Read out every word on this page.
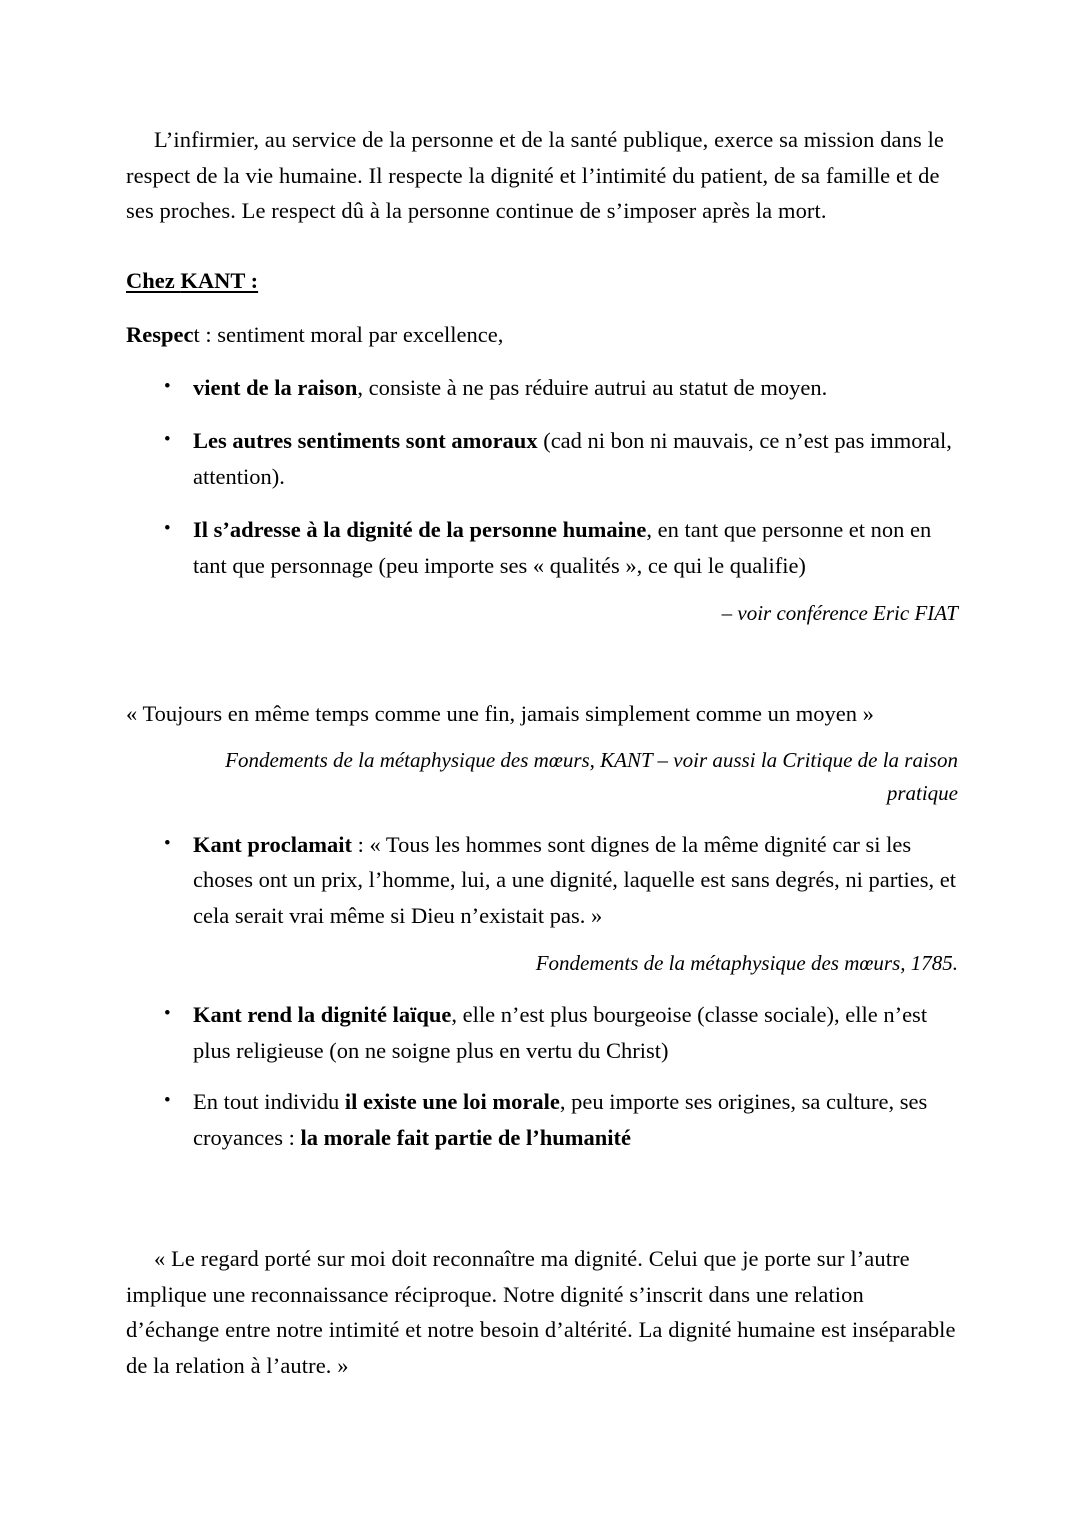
L’infirmier, au service de la personne et de la santé publique, exerce sa mission dans le respect de la vie humaine. Il respecte la dignité et l’intimité du patient, de sa famille et de ses proches. Le respect dû à la personne continue de s’imposer après la mort.

Chez KANT :

Respect : sentiment moral par excellence,

• vient de la raison, consiste à ne pas réduire autrui au statut de moyen.
• Les autres sentiments sont amoraux (cad ni bon ni mauvais, ce n’est pas immoral, attention).
• Il s’adresse à la dignité de la personne humaine, en tant que personne et non en tant que personnage (peu importe ses « qualités », ce qui le qualifie)

– voir conférence Eric FIAT

« Toujours en même temps comme une fin, jamais simplement comme un moyen »

Fondements de la métaphysique des mœurs, KANT – voir aussi la Critique de la raison pratique

• Kant proclamait : « Tous les hommes sont dignes de la même dignité car si les choses ont un prix, l’homme, lui, a une dignité, laquelle est sans degrés, ni parties, et cela serait vrai même si Dieu n’existait pas. »

Fondements de la métaphysique des mœurs, 1785.

• Kant rend la dignité laïque, elle n’est plus bourgeoise (classe sociale), elle n’est plus religieuse (on ne soigne plus en vertu du Christ)
• En tout individu il existe une loi morale, peu importe ses origines, sa culture, ses croyances : la morale fait partie de l’humanité

« Le regard porté sur moi doit reconnaître ma dignité. Celui que je porte sur l’autre implique une reconnaissance réciproque. Notre dignité s’inscrit dans une relation d’échange entre notre intimité et notre besoin d’altérité. La dignité humaine est inséparable de la relation à l’autre. »
